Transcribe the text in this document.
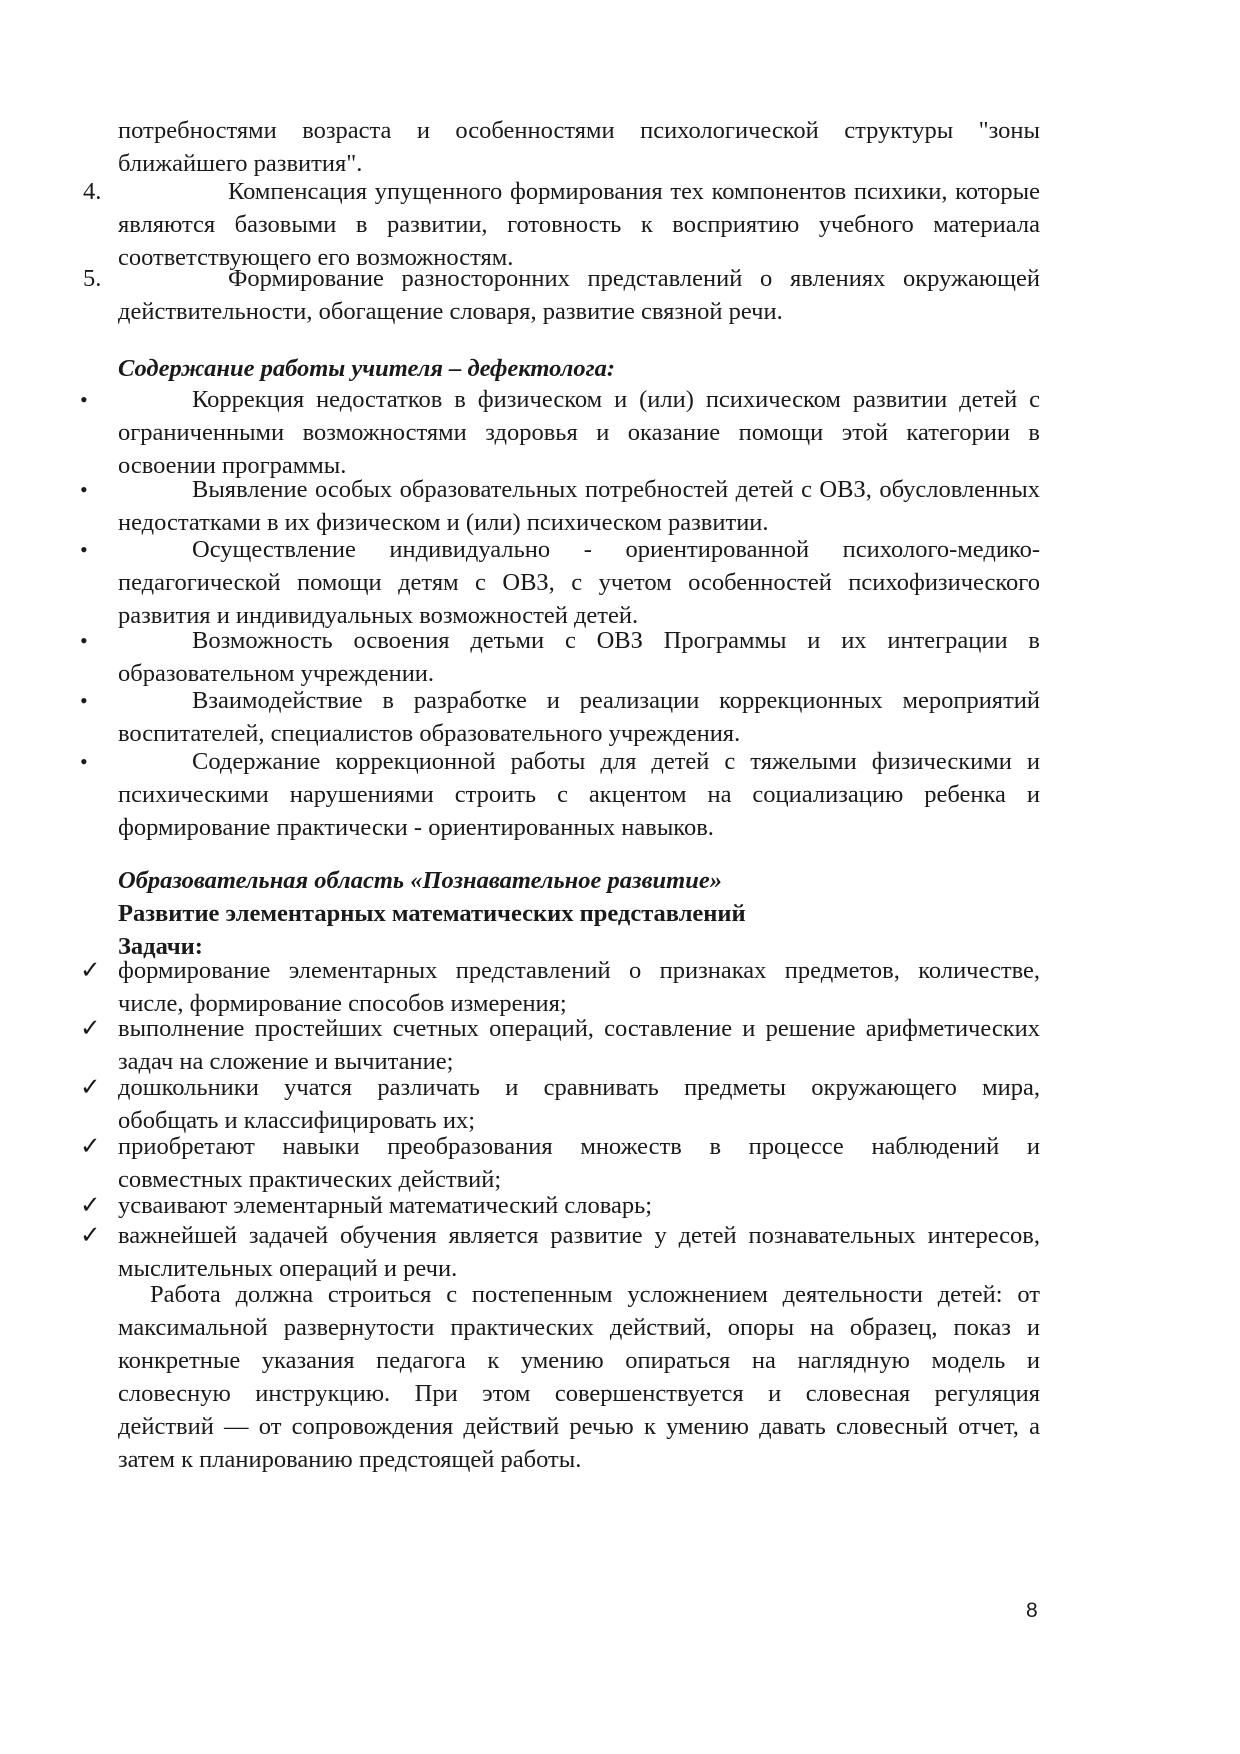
потребностями возраста и особенностями психологической структуры "зоны
ближайшего развития".
4.	Компенсация упущенного формирования тех компонентов психики, которые
являются базовыми в развитии, готовность к восприятию учебного материала
соответствующего его возможностям.
5.	Формирование разносторонних представлений о явлениях окружающей
действительности, обогащение словаря, развитие связной речи.
Содержание работы учителя – дефектолога:
•	Коррекция недостатков в физическом и (или) психическом развитии детей с
ограниченными возможностями здоровья и оказание помощи этой категории в
освоении программы.
•	Выявление особых образовательных потребностей детей с ОВЗ, обусловленных
недостатками в их физическом и (или) психическом развитии.
•	Осуществление индивидуально - ориентированной психолого-медико-
педагогической помощи детям с ОВЗ, с учетом особенностей психофизического
развития и индивидуальных возможностей детей.
•	Возможность освоения детьми с ОВЗ Программы и их интеграции в
образовательном учреждении.
•	Взаимодействие в разработке и реализации коррекционных мероприятий
воспитателей, специалистов образовательного учреждения.
•	Содержание коррекционной работы для детей с тяжелыми физическими и
психическими нарушениями строить с акцентом на социализацию ребенка и
формирование практически - ориентированных навыков.
Образовательная область «Познавательное развитие»
Развитие элементарных математических представлений
Задачи:
✓ формирование элементарных представлений о признаках предметов, количестве,
числе, формирование способов измерения;
✓ выполнение простейших счетных операций, составление и решение арифметических
задач на сложение и вычитание;
✓ дошкольники учатся различать и сравнивать предметы окружающего мира,
обобщать и классифицировать их;
✓ приобретают навыки преобразования множеств в процессе наблюдений и
совместных практических действий;
✓ усваивают элементарный математический словарь;
✓ важнейшей задачей обучения является развитие у детей познавательных интересов,
мыслительных операций и речи.
Работа должна строиться с постепенным усложнением деятельности детей: от
максимальной развернутости практических действий, опоры на образец, показ и
конкретные указания педагога к умению опираться на наглядную модель и
словесную инструкцию. При этом совершенствуется и словесная регуляция
действий — от сопровождения действий речью к умению давать словесный отчет, а
затем к планированию предстоящей работы.
8
